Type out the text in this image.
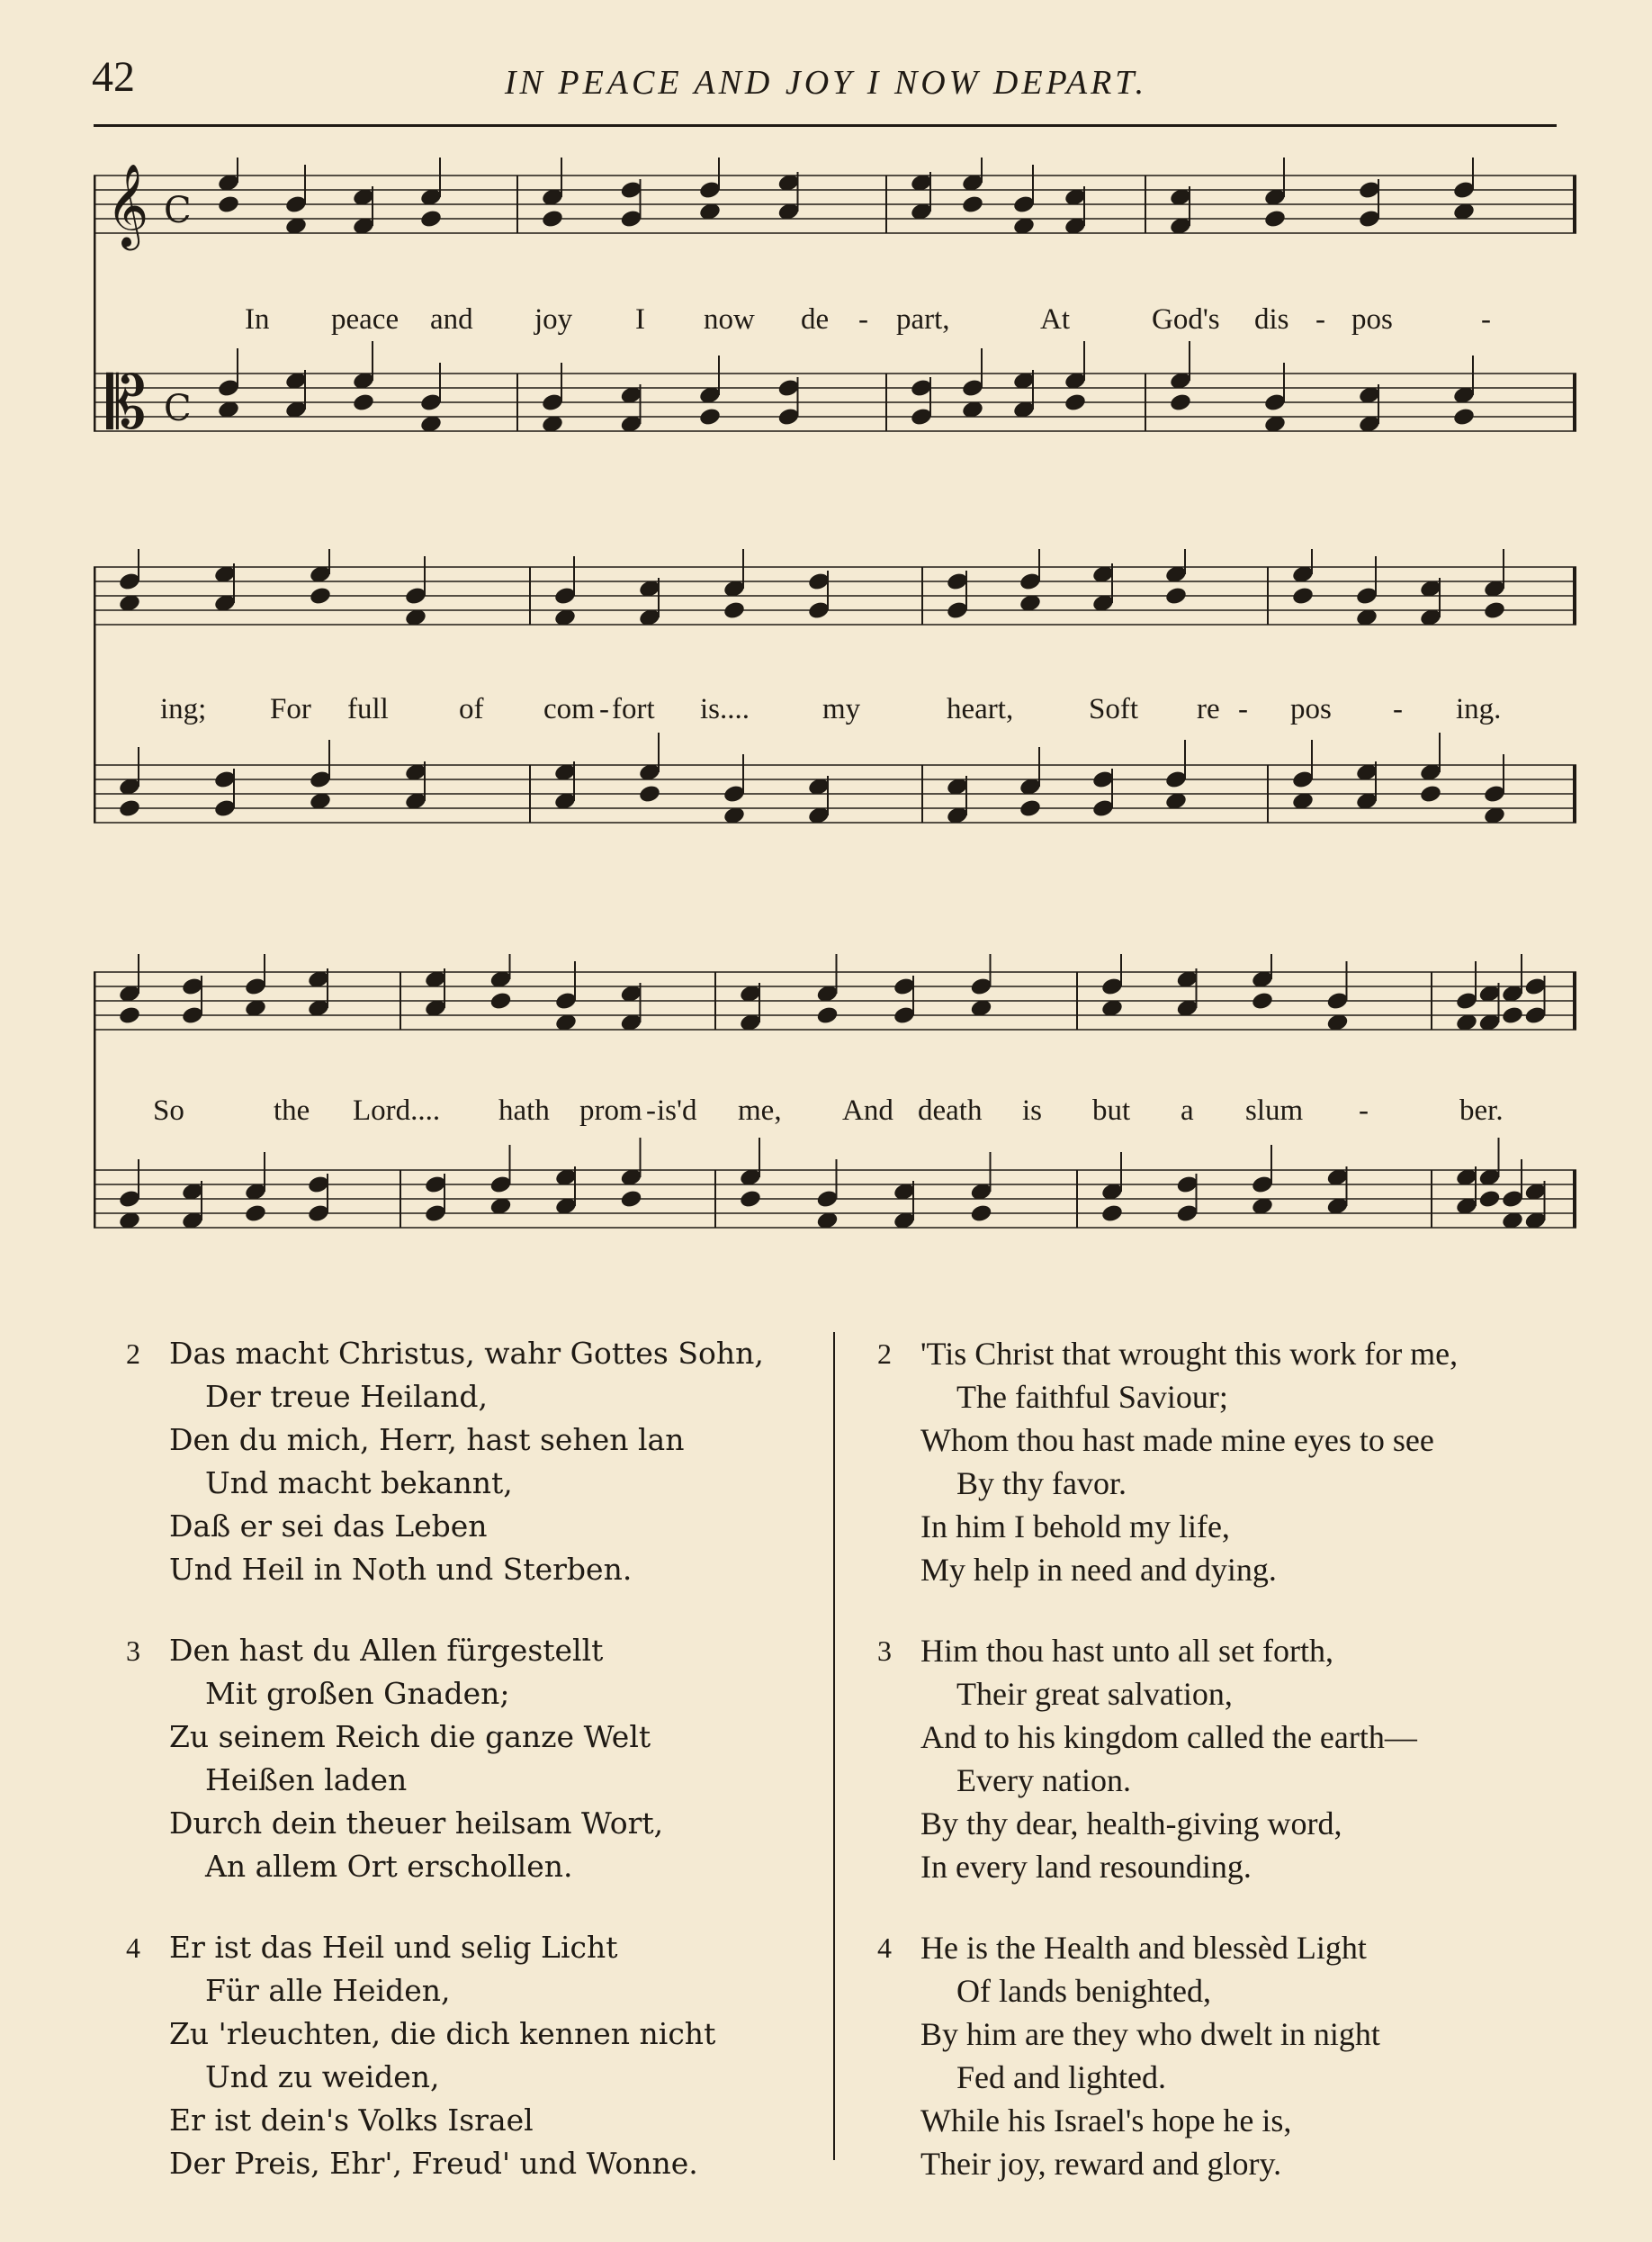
42	IN PEACE AND JOY I NOW DEPART.
𝄞 C
𝄡 C
In peace and joy I now de - part,	At	God's dis - pos	-
ing; For full of com - fort is.... my	heart,	Soft re - pos - ing.
So	the Lord.... hath prom - is'd me, And death is but a slum -	ber.
2 Das macht Christus, wahr Gottes Sohn,
Der treue Heiland,
Den du mich, Herr, hast sehen lan
Und macht bekannt,
Daß er sei das Leben
Und Heil in Noth und Sterben.
3 Den hast du Allen fürgestellt
Mit großen Gnaden;
Zu seinem Reich die ganze Welt
Heißen laden
Durch dein theuer heilsam Wort,
An allem Ort erschollen.
4 Er ist das Heil und selig Licht
Für alle Heiden,
Zu 'rleuchten, die dich kennen nicht
Und zu weiden,
Er ist dein's Volks Israel
Der Preis, Ehr', Freud' und Wonne.
2 'Tis Christ that wrought this work for me,
The faithful Saviour;
Whom thou hast made mine eyes to see
By thy favor.
In him I behold my life,
My help in need and dying.
3 Him thou hast unto all set forth,
Their great salvation,
And to his kingdom called the earth—
Every nation.
By thy dear, health-giving word,
In every land resounding.
4 He is the Health and blessèd Light
Of lands benighted,
By him are they who dwelt in night
Fed and lighted.
While his Israel's hope he is,
Their joy, reward and glory.
